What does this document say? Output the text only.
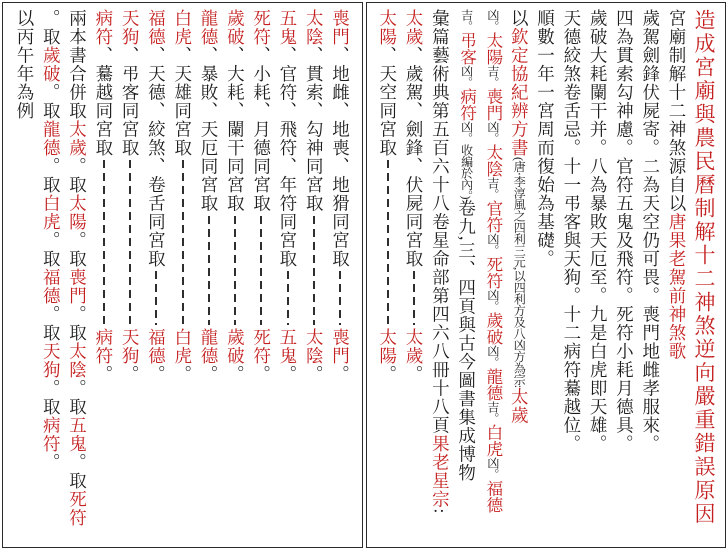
喪門、地雌、地喪、地猾同宮取
喪門。
太陰、貫索、勾神同宮取
太陰。
五鬼、官符、飛符、年符同宮取
五鬼。
死符、小耗、月德同宮取
死符。
歲破、大耗、闌干同宮取
歲破。
龍德、暴敗、天厄同宮取
龍德。
白虎、天雄同宮取
白虎。
福德、天德、絞煞、卷舌同宮取
福德。
天狗、弔客同宮取
天狗。
病符、驀越同宮取
病符。
兩本書合併取太歲。取太陽。取喪門。取太陰。取五鬼。取死符
。取歲破。取龍德。取白虎。取福德。取天狗。取病符。
以丙午年為例	造成宮廟與農民曆制解十二神煞逆向嚴重錯誤原因
宮廟制解十二神煞源自以唐果老駕前神煞歌
歲駕劍鋒伏屍寄。二為天空仍可畏。喪門地雌孝服來。
四為貫索勾神慮。官符五鬼及飛符。死符小耗月德具。
歲破大耗闌干并。八為暴敗天厄至。九是白虎即天雄。
天德絞煞卷舌忌。十一弔客與天狗。十二病符驀越位。
順數一年一宮周而復始為基礎。
以欽定協紀辨方書(唐‧李淳風之四利三元,以四利方及八凶方為宗:太歲
凶。太陽吉。喪門凶。太陰吉。官符凶。死符凶。歲破凶。龍德吉。白虎凶。福德
吉。弔客凶。病符凶。收編於內。)卷九,三、四頁與古今圖書集成博物
彙篇藝術典第五百六十八卷星命部第四六八冊十八頁果老星宗:
太歲、歲駕、劍鋒、伏屍同宮取
太歲。
太陽、天空同宮取
太陽。
